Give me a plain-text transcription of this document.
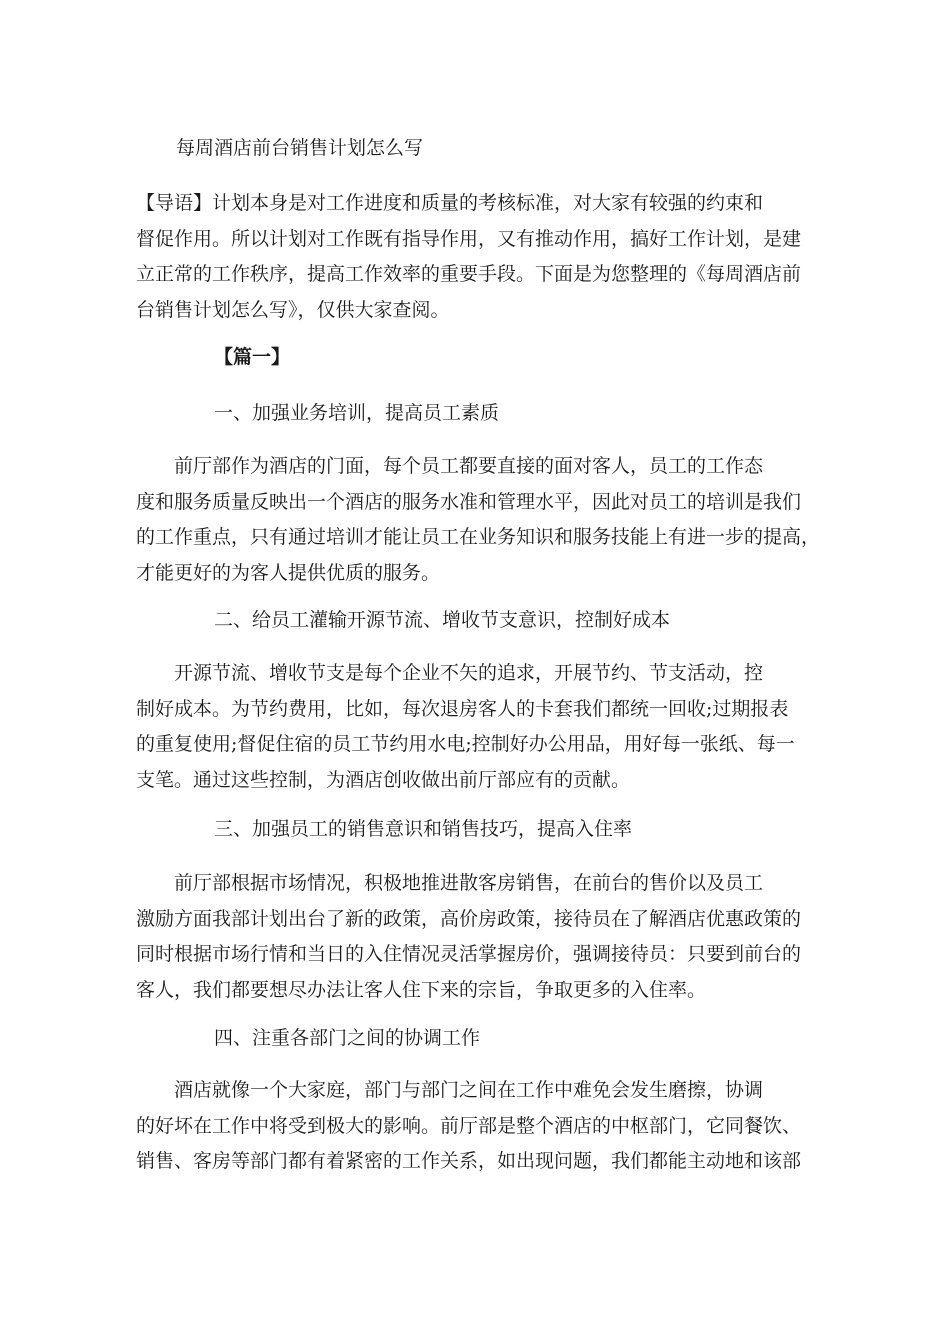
每周酒店前台销售计划怎么写
【导语】计划本身是对工作进度和质量的考核标准，对大家有较强的约束和
督促作用。所以计划对工作既有指导作用，又有推动作用，搞好工作计划，是建
立正常的工作秩序，提高工作效率的重要手段。下面是为您整理的《每周酒店前
台销售计划怎么写》，仅供大家查阅。
【篇一】
一、加强业务培训，提高员工素质
　　前厅部作为酒店的门面，每个员工都要直接的面对客人，员工的工作态
度和服务质量反映出一个酒店的服务水准和管理水平，因此对员工的培训是我们
的工作重点，只有通过培训才能让员工在业务知识和服务技能上有进一步的提高，
才能更好的为客人提供优质的服务。
二、给员工灌输开源节流、增收节支意识，控制好成本
　　开源节流、增收节支是每个企业不矢的追求，开展节约、节支活动，控
制好成本。为节约费用，比如，每次退房客人的卡套我们都统一回收;过期报表
的重复使用;督促住宿的员工节约用水电;控制好办公用品，用好每一张纸、每一
支笔。通过这些控制，为酒店创收做出前厅部应有的贡献。
三、加强员工的销售意识和销售技巧，提高入住率
　　前厅部根据市场情况，积极地推进散客房销售，在前台的售价以及员工
激励方面我部计划出台了新的政策，高价房政策，接待员在了解酒店优惠政策的
同时根据市场行情和当日的入住情况灵活掌握房价，强调接待员：只要到前台的
客人，我们都要想尽办法让客人住下来的宗旨，争取更多的入住率。
四、注重各部门之间的协调工作
　　酒店就像一个大家庭，部门与部门之间在工作中难免会发生磨擦，协调
的好坏在工作中将受到极大的影响。前厅部是整个酒店的中枢部门，它同餐饮、
销售、客房等部门都有着紧密的工作关系，如出现问题，我们都能主动地和该部
